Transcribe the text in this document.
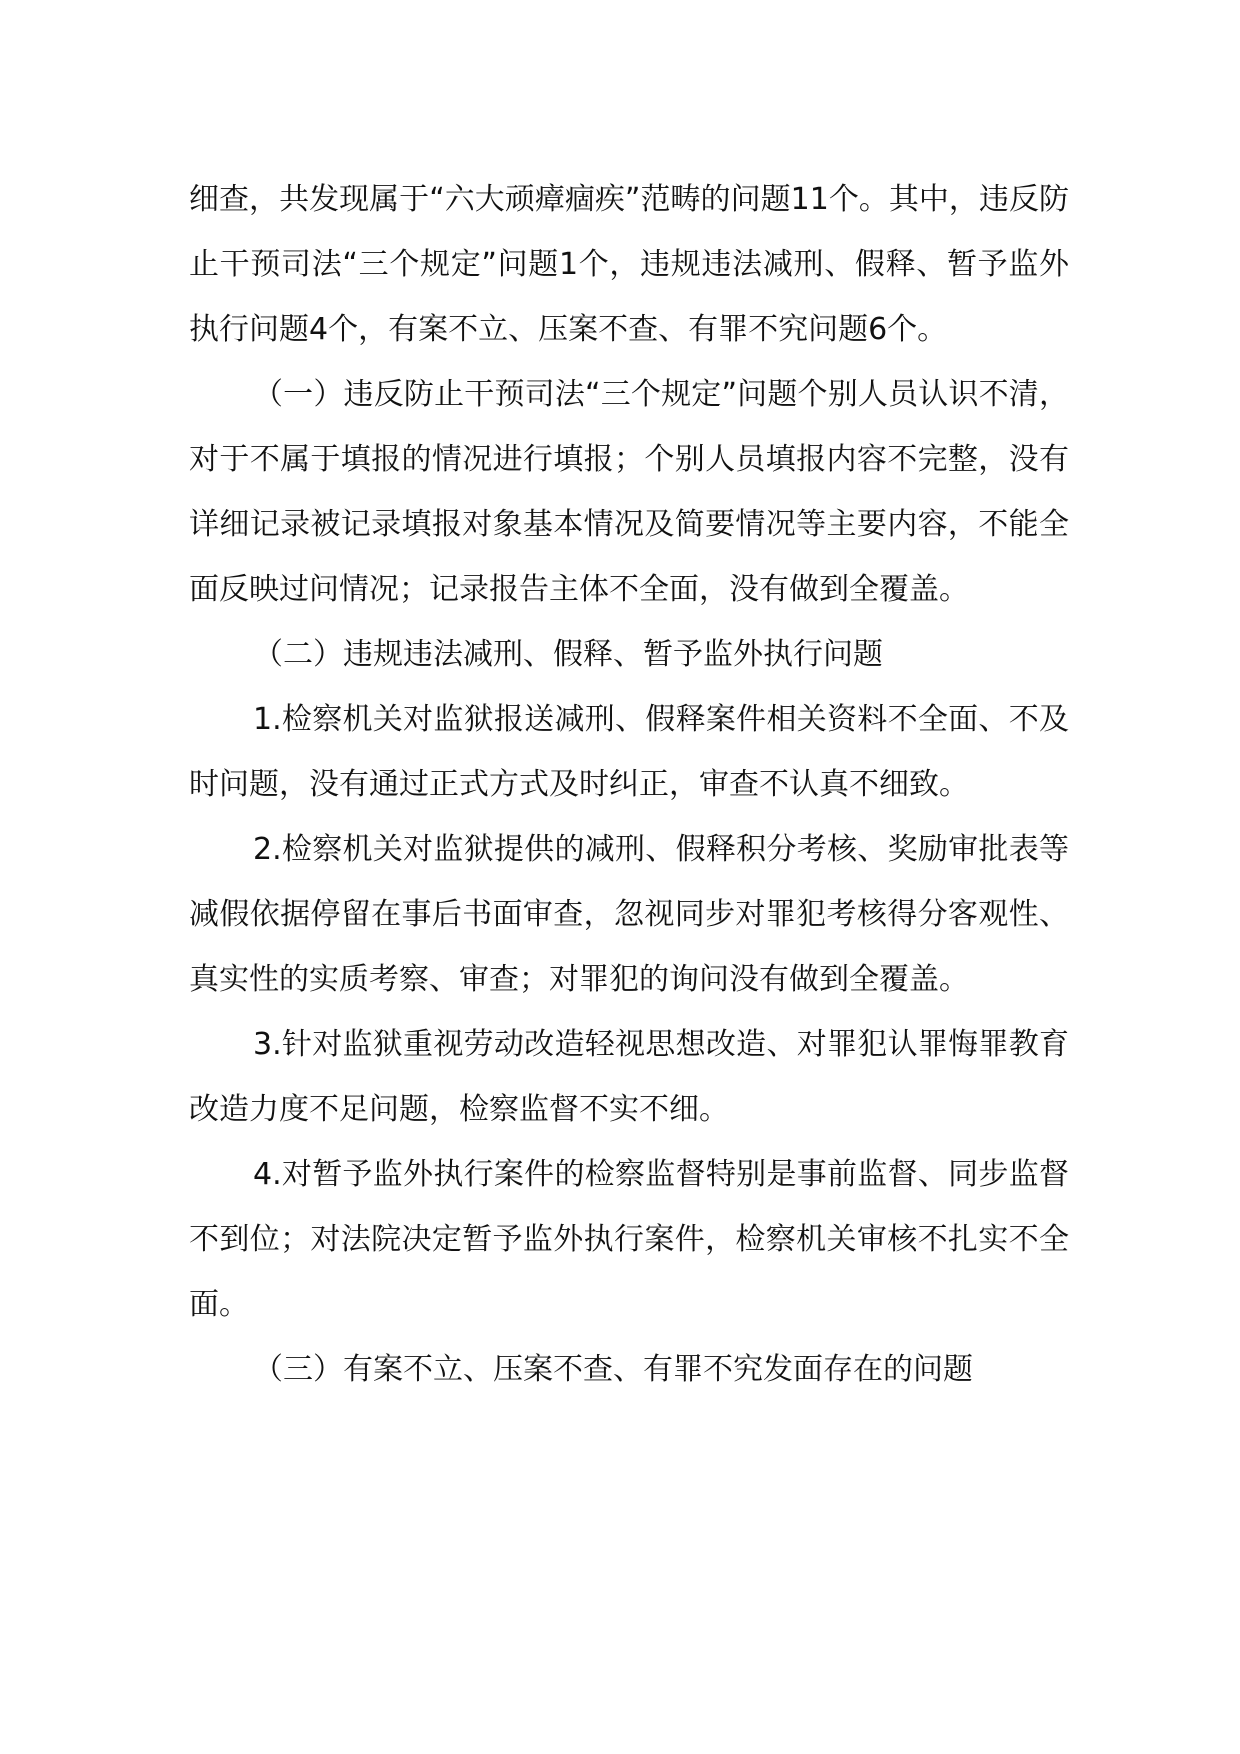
细查，共发现属于“六大顽瘴痼疾”范畴的问题11个。其中，违反防止干预司法“三个规定”问题1个，违规违法减刑、假释、暂予监外执行问题4个，有案不立、压案不查、有罪不究问题6个。

（一）违反防止干预司法“三个规定”问题个别人员认识不清，对于不属于填报的情况进行填报；个别人员填报内容不完整，没有详细记录被记录填报对象基本情况及简要情况等主要内容，不能全面反映过问情况；记录报告主体不全面，没有做到全覆盖。

（二）违规违法减刑、假释、暂予监外执行问题

1.检察机关对监狱报送减刑、假释案件相关资料不全面、不及时问题，没有通过正式方式及时纠正，审查不认真不细致。

2.检察机关对监狱提供的减刑、假释积分考核、奖励审批表等减假依据停留在事后书面审查，忽视同步对罪犯考核得分客观性、真实性的实质考察、审查；对罪犯的询问没有做到全覆盖。

3.针对监狱重视劳动改造轻视思想改造、对罪犯认罪悔罪教育改造力度不足问题，检察监督不实不细。

4.对暂予监外执行案件的检察监督特别是事前监督、同步监督不到位；对法院决定暂予监外执行案件，检察机关审核不扎实不全面。

（三）有案不立、压案不查、有罪不究发面存在的问题
